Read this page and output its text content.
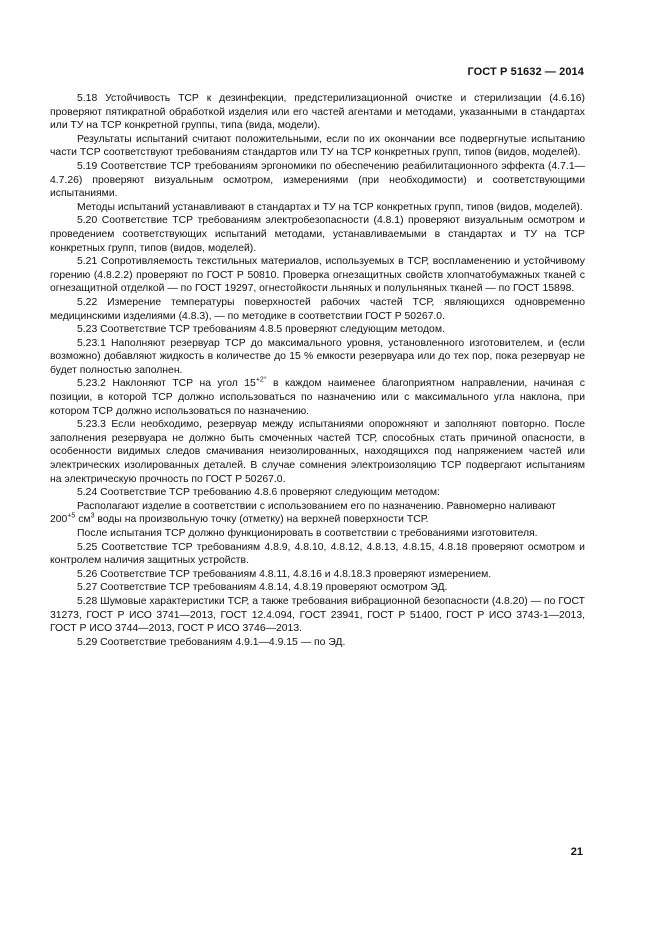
ГОСТ Р 51632 — 2014

5.18 Устойчивость ТСР к дезинфекции, предстерилизационной очистке и стерилизации (4.6.16) проверяют пятикратной обработкой изделия или его частей агентами и методами, указанными в стандартах или ТУ на ТСР конкретной группы, типа (вида, модели).

Результаты испытаний считают положительными, если по их окончании все подвергнутые испытанию части ТСР соответствуют требованиям стандартов или ТУ на ТСР конкретных групп, типов (видов, моделей).

5.19 Соответствие ТСР требованиям эргономики по обеспечению реабилитационного эффекта (4.7.1—4.7.26) проверяют визуальным осмотром, измерениями (при необходимости) и соответствующими испытаниями.

Методы испытаний устанавливают в стандартах и ТУ на ТСР конкретных групп, типов (видов, моделей).

5.20 Соответствие ТСР требованиям электробезопасности (4.8.1) проверяют визуальным осмотром и проведением соответствующих испытаний методами, устанавливаемыми в стандартах и ТУ на ТСР конкретных групп, типов (видов, моделей).

5.21 Сопротивляемость текстильных материалов, используемых в ТСР, воспламенению и устойчивому горению (4.8.2.2) проверяют по ГОСТ Р 50810. Проверка огнезащитных свойств хлопчатобумажных тканей с огнезащитной отделкой — по ГОСТ 19297, огнестойкости льняных и полульняных тканей — по ГОСТ 15898.

5.22 Измерение температуры поверхностей рабочих частей ТСР, являющихся одновременно медицинскими изделиями (4.8.3), — по методике в соответствии ГОСТ Р 50267.0.

5.23 Соответствие ТСР требованиям 4.8.5 проверяют следующим методом.

5.23.1 Наполняют резервуар ТСР до максимального уровня, установленного изготовителем, и (если возможно) добавляют жидкость в количестве до 15 % емкости резервуара или до тех пор, пока резервуар не будет полностью заполнен.

5.23.2 Наклоняют ТСР на угол $15^{+2^\circ}$ в каждом наименее благоприятном направлении, начиная с позиции, в которой ТСР должно использоваться по назначению или с максимального угла наклона, при котором ТСР должно использоваться по назначению.

5.23.3 Если необходимо, резервуар между испытаниями опорожняют и заполняют повторно. После заполнения резервуара не должно быть смоченных частей ТСР, способных стать причиной опасности, в особенности видимых следов смачивания неизолированных, находящихся под напряжением частей или электрических изолированных деталей. В случае сомнения электроизоляцию ТСР подвергают испытаниям на электрическую прочность по ГОСТ Р 50267.0.

5.24 Соответствие ТСР требованию 4.8.6 проверяют следующим методом:

Располагают изделие в соответствии с использованием его по назначению. Равномерно наливают

$200^{+5}$ $см^3$ воды на произвольную точку (отметку) на верхней поверхности ТСР.

После испытания ТСР должно функционировать в соответствии с требованиями изготовителя.

5.25 Соответствие ТСР требованиям 4.8.9, 4.8.10, 4.8.12, 4.8.13, 4.8.15, 4.8.18 проверяют осмотром и контролем наличия защитных устройств.

5.26 Соответствие ТСР требованиям 4.8.11, 4.8.16 и 4.8.18.3 проверяют измерением.

5.27 Соответствие ТСР требованиям 4.8.14, 4.8.19 проверяют осмотром ЭД.

5.28 Шумовые характеристики ТСР, а также требования вибрационной безопасности (4.8.20) — по ГОСТ 31273, ГОСТ Р ИСО 3741—2013, ГОСТ 12.4.094, ГОСТ 23941, ГОСТ Р 51400, ГОСТ Р ИСО 3743-1—2013, ГОСТ Р ИСО 3744—2013, ГОСТ Р ИСО 3746—2013.

5.29 Соответствие требованиям 4.9.1—4.9.15 — по ЭД.

21
